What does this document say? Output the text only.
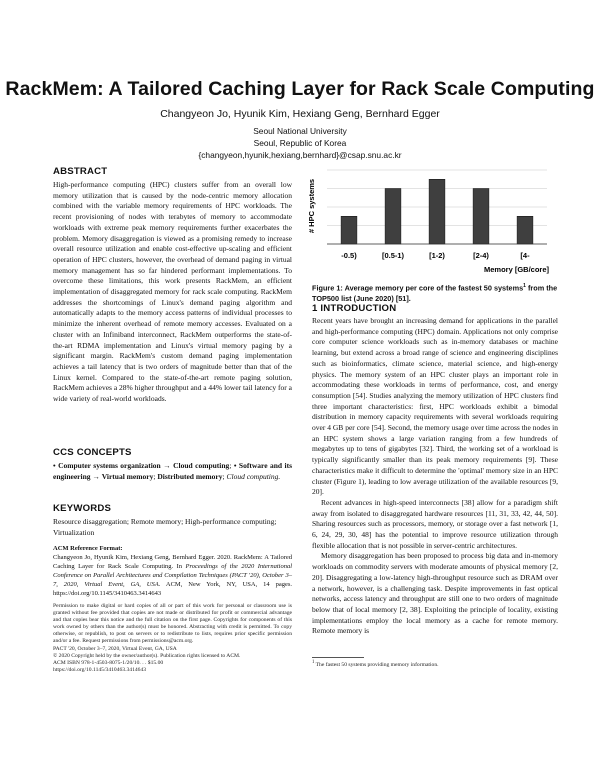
RackMem: A Tailored Caching Layer for Rack Scale Computing
Changyeon Jo, Hyunik Kim, Hexiang Geng, Bernhard Egger
Seoul National University
Seoul, Republic of Korea
{changyeon,hyunik,hexiang,bernhard}@csap.snu.ac.kr
ABSTRACT
High-performance computing (HPC) clusters suffer from an overall low memory utilization that is caused by the node-centric memory allocation combined with the variable memory requirements of HPC workloads. The recent provisioning of nodes with terabytes of memory to accommodate workloads with extreme peak memory requirements further exacerbates the problem. Memory disaggregation is viewed as a promising remedy to increase overall resource utilization and enable cost-effective up-scaling and efficient operation of HPC clusters, however, the overhead of demand paging in virtual memory management has so far hindered performant implementations. To overcome these limitations, this work presents RackMem, an efficient implementation of disaggregated memory for rack scale computing. RackMem addresses the shortcomings of Linux's demand paging algorithm and automatically adapts to the memory access patterns of individual processes to minimize the inherent overhead of remote memory accesses. Evaluated on a cluster with an Infiniband interconnect, RackMem outperforms the state-of-the-art RDMA implementation and Linux's virtual memory paging by a significant margin. RackMem's custom demand paging implementation achieves a tail latency that is two orders of magnitude better than that of the Linux kernel. Compared to the state-of-the-art remote paging solution, RackMem achieves a 28% higher throughput and a 44% lower tail latency for a wide variety of real-world workloads.
CCS CONCEPTS
• Computer systems organization → Cloud computing; • Software and its engineering → Virtual memory; Distributed memory; Cloud computing.
KEYWORDS
Resource disaggregation; Remote memory; High-performance computing; Virtualization
ACM Reference Format:
Changyeon Jo, Hyunik Kim, Hexiang Geng, Bernhard Egger. 2020. RackMem: A Tailored Caching Layer for Rack Scale Computing. In Proceedings of the 2020 International Conference on Parallel Architectures and Compilation Techniques (PACT '20), October 3–7, 2020, Virtual Event, GA, USA. ACM, New York, NY, USA, 14 pages. https://doi.org/10.1145/3410463.3414643
Permission to make digital or hard copies of all or part of this work for personal or classroom use is granted without fee provided that copies are not made or distributed for profit or commercial advantage and that copies bear this notice and the full citation on the first page. Copyrights for components of this work owned by others than the author(s) must be honored. Abstracting with credit is permitted. To copy otherwise, or republish, to post on servers or to redistribute to lists, requires prior specific permission and/or a fee. Request permissions from permissions@acm.org.
PACT '20, October 3–7, 2020, Virtual Event, GA, USA
© 2020 Copyright held by the owner/author(s). Publication rights licensed to ACM.
ACM ISBN 978-1-4503-8075-1/20/10. . . $15.00
https://doi.org/10.1145/3410463.3414643
-0.5)	[0.5-1)	[1-2)	[2-4)	[4-
# HPC systems
Memory [GB/core]
Figure 1: Average memory per core of the fastest 50 systems$^1$ from the TOP500 list (June 2020) [51].
1 INTRODUCTION

Recent years have brought an increasing demand for applications in the parallel and high-performance computing (HPC) domain. Applications not only comprise core computer science workloads such as in-memory databases or machine learning, but extend across a broad range of science and engineering disciplines such as bioinformatics, climate science, material science, and high-energy physics. The memory system of an HPC cluster plays an important role in accommodating these workloads in terms of performance, cost, and energy consumption [54]. Studies analyzing the memory utilization of HPC clusters find three important characteristics: first, HPC workloads exhibit a bimodal distribution in memory capacity requirements with several workloads requiring over 4 GB per core [54]. Second, the memory usage over time across the nodes in an HPC system shows a large variation ranging from a few hundreds of megabytes up to tens of gigabytes [32]. Third, the working set of a workload is typically significantly smaller than its peak memory requirements [9]. These characteristics make it difficult to determine the 'optimal' memory size in an HPC cluster (Figure 1), leading to low average utilization of the available resources [9, 20].

Recent advances in high-speed interconnects [38] allow for a paradigm shift away from isolated to disaggregated hardware resources [11, 31, 33, 42, 44, 50]. Sharing resources such as processors, memory, or storage over a fast network [1, 6, 24, 29, 30, 48] has the potential to improve resource utilization through flexible allocation that is not possible in server-centric architectures.

Memory disaggregation has been proposed to process big data and in-memory workloads on commodity servers with moderate amounts of physical memory [2, 20]. Disaggregating a low-latency high-throughput resource such as DRAM over a network, however, is a challenging task. Despite improvements in fast optical networks, access latency and throughput are still one to two orders of magnitude below that of local memory [2, 38]. Exploiting the principle of locality, existing implementations employ the local memory as a cache for remote memory. Remote memory is

$^1$ The fastest 50 systems providing memory information.
